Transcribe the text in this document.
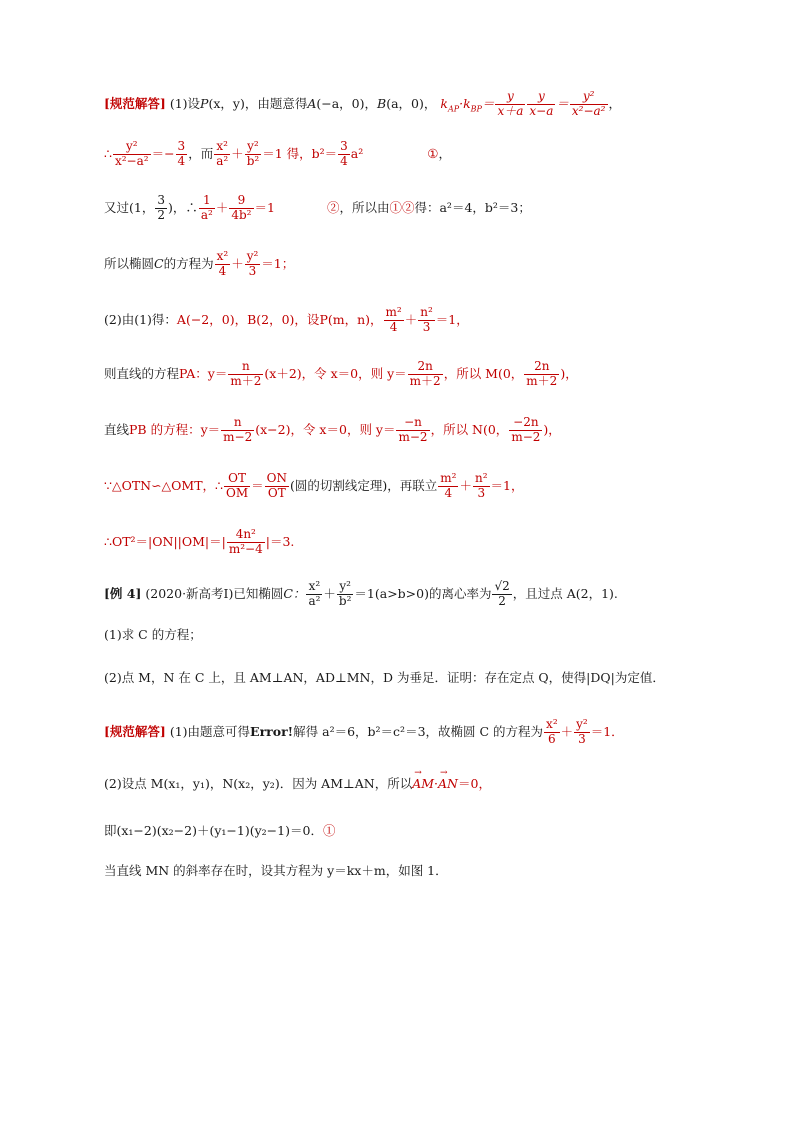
[规范解答] (1)设P(x，y)，由题意得A(−a，0)，B(a，0)， $k_{AP}\cdot k_{BP}= \frac{y}{x+a} \frac{y}{x-a} = \frac{\text{y²}}{\text{x²−a²}}$ ，
∴ $\frac{\text{y²}}{\text{x²−a²}} =- \frac{3}{4}$ ，而 $\frac{\text{x²}}{\text{a²}} + \frac{\text{y²}}{\text{b²}} =1$ 得，$b^2= \frac{3}{4} a^2$	①，
又过(1， $\frac{3}{2}$ )，∴ $\frac{1}{\text{a²}} + \frac{9}{\text{4b²}} =1$	②，所以由①②得：a²＝4，b²＝3；
所以椭圆C的方程为 $\frac{\text{x²}}{4} + \frac{\text{y²}}{3} =1$；
(2)由(1)得：A(−2，0)，B(2，0)，设P(m，n)， $\frac{\text{m²}}{4} + \frac{\text{n²}}{3} =1$，
则直线的方程PA：$y= \frac{n}{m+2} (x+2)$，令 x＝0，则 $y= \frac{2n}{m+2}$ ，所以 M(0， $\frac{2n}{m+2}$ )，
直线PB 的方程：$y= \frac{n}{m-2} (x-2)$，令 x＝0，则 $y= \frac{-n}{m-2}$ ，所以 N(0， $\frac{-2n}{m-2}$ )，
∵△OTN∽△OMT，∴ $\frac{OT}{OM} = \frac{ON}{OT}$ (圆的切割线定理)，再联立 $\frac{\text{m²}}{4} + \frac{\text{n²}}{3} =1$，
∴OT²＝|ON||OM|＝| $\frac{\text{4n²}}{\text{m²−4}} |=3$.
[例 4] (2020·新高考Ⅰ)已知椭圆C： $\frac{\text{x²}}{\text{a²}} + \frac{\text{y²}}{\text{b²}} =1(a>b>0)$的离心率为 $\frac{√2}{2}$ ，且过点 A(2，1).
(1)求 C 的方程；
(2)点 M，N 在 C 上，且 AM⊥AN，AD⊥MN，D 为垂足．证明：存在定点 Q，使得|DQ|为定值．
[规范解答] (1)由题意可得Error!解得 a²＝6，b²＝c²＝3，故椭圆 C 的方程为 $\frac{\text{x²}}{6} + \frac{\text{y²}}{3} =1$．
(2)设点 M(x₁，y₁)，N(x₂，y₂)．因为 AM⊥AN，所以→ AM·→ AN＝0，
即(x₁−2)(x₂−2)＋(y₁−1)(y₂−1)＝0．①
当直线 MN 的斜率存在时，设其方程为 y＝kx＋m，如图 1．
